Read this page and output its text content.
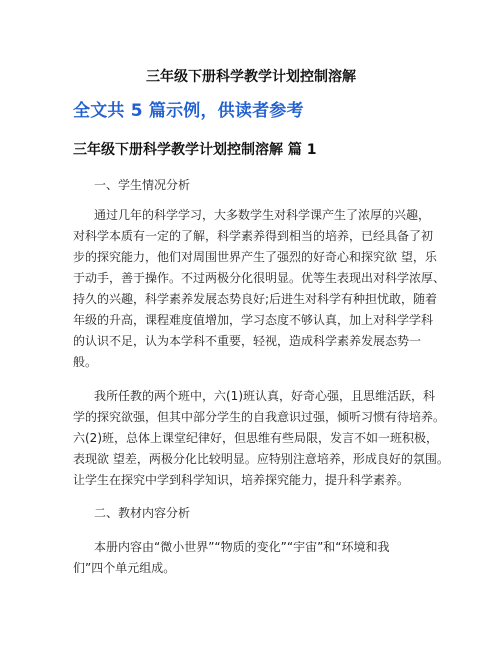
三年级下册科学教学计划控制溶解
全文共 5 篇示例，供读者参考
三年级下册科学教学计划控制溶解 篇 1
一、学生情况分析
通过几年的科学学习，大多数学生对科学课产生了浓厚的兴趣，
对科学本质有一定的了解，科学素养得到相当的培养，已经具备了初
步的探究能力，他们对周围世界产生了强烈的好奇心和探究欲 望，乐
于动手，善于操作。不过两极分化很明显。优等生表现出对科学浓厚、
持久的兴趣，科学素养发展态势良好;后进生对科学有种担忧敢，随着
年级的升高，课程难度值增加，学习态度不够认真，加上对科学学科
的认识不足，认为本学科不重要，轻视，造成科学素养发展态势一
般。
我所任教的两个班中，六(1)班认真，好奇心强，且思维活跃，科
学的探究欲强，但其中部分学生的自我意识过强，倾听习惯有待培养。
六(2)班，总体上课堂纪律好，但思维有些局限，发言不如一班积极，
表现欲 望差，两极分化比较明显。应特别注意培养，形成良好的氛围。
让学生在探究中学到科学知识，培养探究能力，提升科学素养。
二、教材内容分析
本册内容由“微小世界”“物质的变化”“宇宙”和“环境和我
们”四个单元组成。
